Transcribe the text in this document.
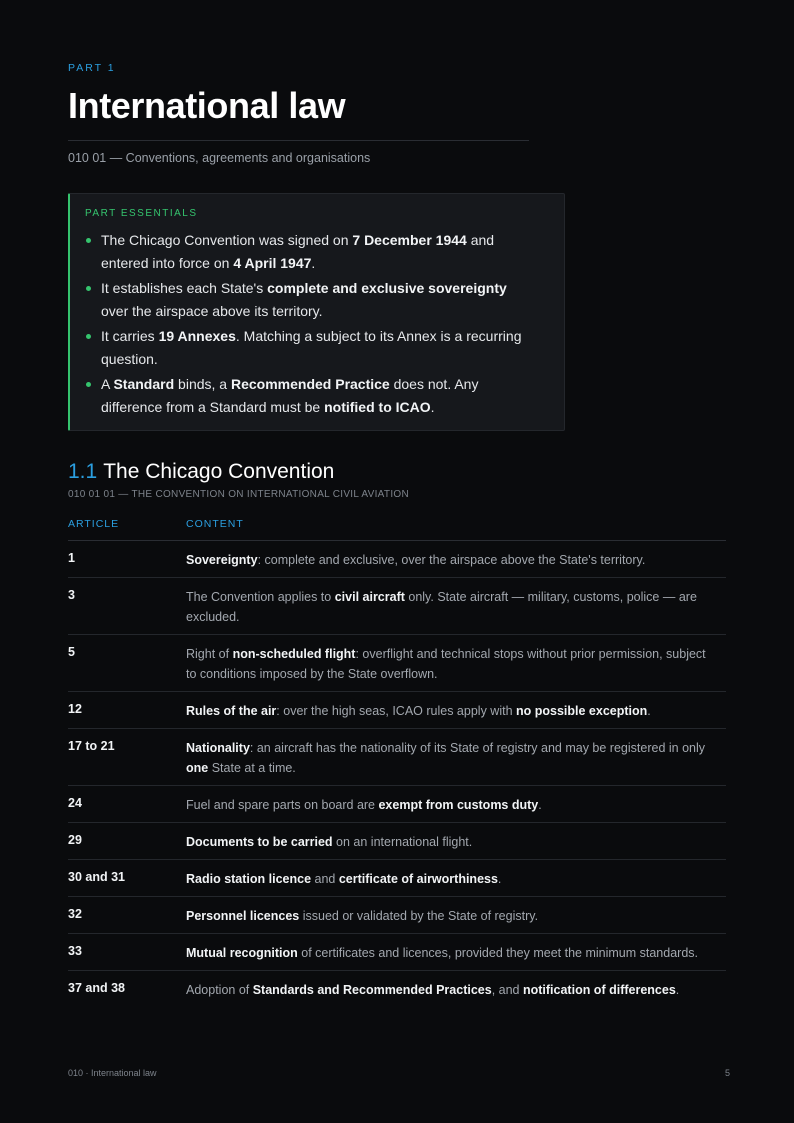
PART 1
International law
010 01 — Conventions, agreements and organisations
PART ESSENTIALS
The Chicago Convention was signed on 7 December 1944 and entered into force on 4 April 1947.
It establishes each State's complete and exclusive sovereignty over the airspace above its territory.
It carries 19 Annexes. Matching a subject to its Annex is a recurring question.
A Standard binds, a Recommended Practice does not. Any difference from a Standard must be notified to ICAO.
1.1 The Chicago Convention
010 01 01 — THE CONVENTION ON INTERNATIONAL CIVIL AVIATION
ARTICLE	CONTENT
1	Sovereignty: complete and exclusive, over the airspace above the State's territory.
3	The Convention applies to civil aircraft only. State aircraft — military, customs, police — are excluded.
5	Right of non-scheduled flight: overflight and technical stops without prior permission, subject to conditions imposed by the State overflown.
12	Rules of the air: over the high seas, ICAO rules apply with no possible exception.
17 to 21	Nationality: an aircraft has the nationality of its State of registry and may be registered in only one State at a time.
24	Fuel and spare parts on board are exempt from customs duty.
29	Documents to be carried on an international flight.
30 and 31	Radio station licence and certificate of airworthiness.
32	Personnel licences issued or validated by the State of registry.
33	Mutual recognition of certificates and licences, provided they meet the minimum standards.
37 and 38	Adoption of Standards and Recommended Practices, and notification of differences.
010 · International law	5
